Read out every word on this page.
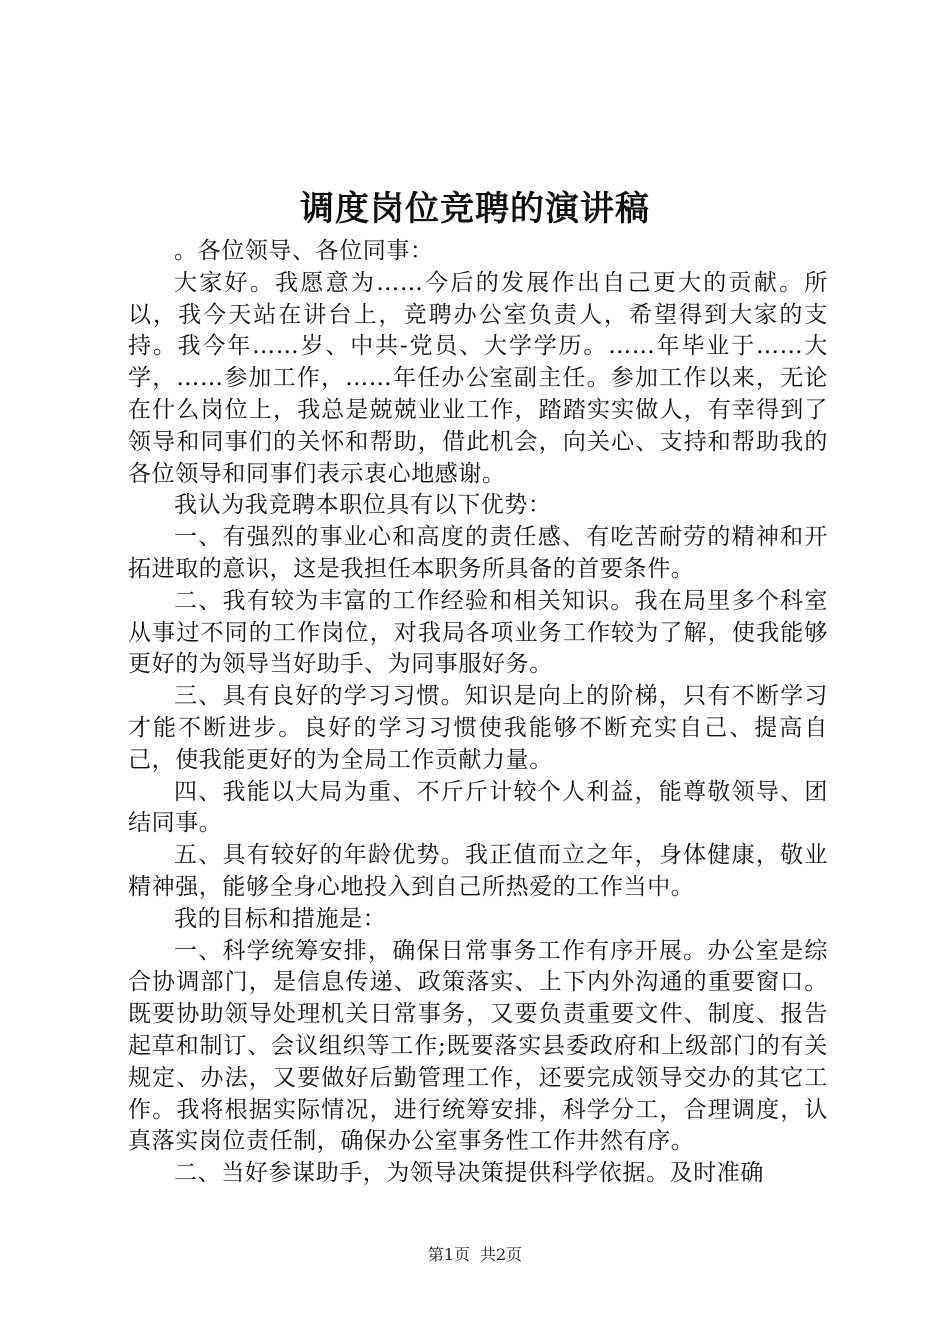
调度岗位竞聘的演讲稿

。各位领导、各位同事：

大家好。我愿意为……今后的发展作出自己更大的贡献。所以，我今天站在讲台上，竞聘办公室负责人，希望得到大家的支持。我今年……岁、中共-党员、大学学历。……年毕业于……大学，……参加工作，……年任办公室副主任。参加工作以来，无论在什么岗位上，我总是兢兢业业工作，踏踏实实做人，有幸得到了领导和同事们的关怀和帮助，借此机会，向关心、支持和帮助我的各位领导和同事们表示衷心地感谢。

我认为我竞聘本职位具有以下优势：

一、有强烈的事业心和高度的责任感、有吃苦耐劳的精神和开拓进取的意识，这是我担任本职务所具备的首要条件。

二、我有较为丰富的工作经验和相关知识。我在局里多个科室从事过不同的工作岗位，对我局各项业务工作较为了解，使我能够更好的为领导当好助手、为同事服好务。

三、具有良好的学习习惯。知识是向上的阶梯，只有不断学习才能不断进步。良好的学习习惯使我能够不断充实自己、提高自己，使我能更好的为全局工作贡献力量。

四、我能以大局为重、不斤斤计较个人利益，能尊敬领导、团结同事。

五、具有较好的年龄优势。我正值而立之年，身体健康，敬业精神强，能够全身心地投入到自己所热爱的工作当中。

我的目标和措施是：

一、科学统筹安排，确保日常事务工作有序开展。办公室是综合协调部门，是信息传递、政策落实、上下内外沟通的重要窗口。既要协助领导处理机关日常事务，又要负责重要文件、制度、报告起草和制订、会议组织等工作;既要落实县委政府和上级部门的有关规定、办法，又要做好后勤管理工作，还要完成领导交办的其它工作。我将根据实际情况，进行统筹安排，科学分工，合理调度，认真落实岗位责任制，确保办公室事务性工作井然有序。

二、当好参谋助手，为领导决策提供科学依据。及时准确

第1页 共2页
